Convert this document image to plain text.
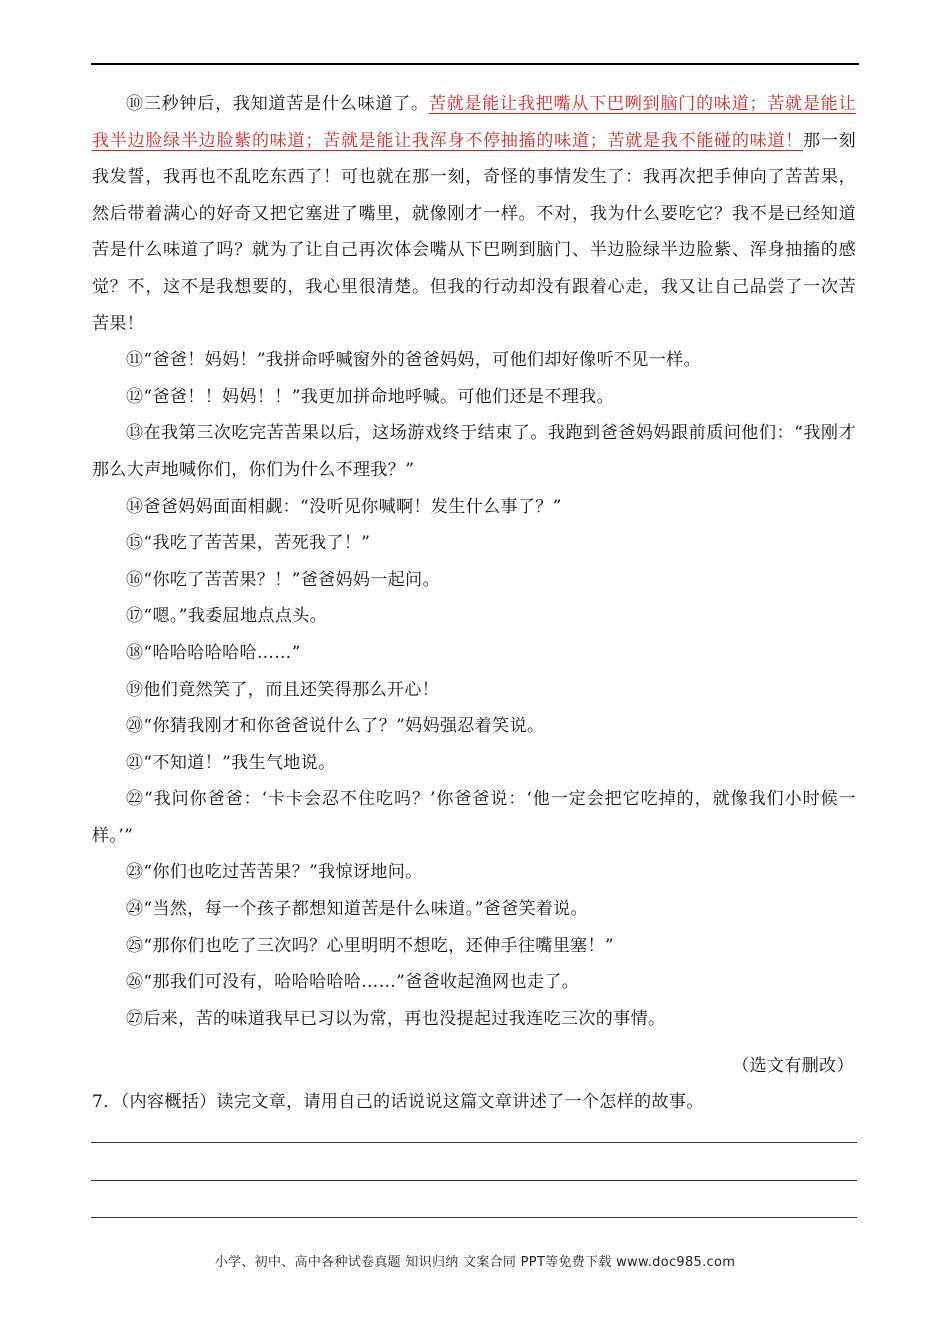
⑩三秒钟后，我知道苦是什么味道了。苦就是能让我把嘴从下巴咧到脑门的味道；苦就是能让我半边脸绿半边脸紫的味道；苦就是能让我浑身不停抽搐的味道；苦就是我不能碰的味道！那一刻我发誓，我再也不乱吃东西了！可也就在那一刻，奇怪的事情发生了：我再次把手伸向了苦苦果，然后带着满心的好奇又把它塞进了嘴里，就像刚才一样。不对，我为什么要吃它？我不是已经知道苦是什么味道了吗？就为了让自己再次体会嘴从下巴咧到脑门、半边脸绿半边脸紫、浑身抽搐的感觉？不，这不是我想要的，我心里很清楚。但我的行动却没有跟着心走，我又让自己品尝了一次苦苦果！

⑪“爸爸！妈妈！”我拼命呼喊窗外的爸爸妈妈，可他们却好像听不见一样。

⑫“爸爸！！妈妈！！”我更加拼命地呼喊。可他们还是不理我。

⑬在我第三次吃完苦苦果以后，这场游戏终于结束了。我跑到爸爸妈妈跟前质问他们：“我刚才那么大声地喊你们，你们为什么不理我？”

⑭爸爸妈妈面面相觑：“没听见你喊啊！发生什么事了？”

⑮“我吃了苦苦果，苦死我了！”

⑯“你吃了苦苦果？！”爸爸妈妈一起问。

⑰“嗯。”我委屈地点点头。

⑱“哈哈哈哈哈哈……”

⑲他们竟然笑了，而且还笑得那么开心！

⑳“你猜我刚才和你爸爸说什么了？”妈妈强忍着笑说。

㉑“不知道！”我生气地说。

㉒“我问你爸爸：‘卡卡会忍不住吃吗？’你爸爸说：‘他一定会把它吃掉的，就像我们小时候一样。’”

㉓“你们也吃过苦苦果？”我惊讶地问。

㉔“当然，每一个孩子都想知道苦是什么味道。”爸爸笑着说。

㉕“那你们也吃了三次吗？心里明明不想吃，还伸手往嘴里塞！”

㉖“那我们可没有，哈哈哈哈哈……”爸爸收起渔网也走了。

㉗后来，苦的味道我早已习以为常，再也没提起过我连吃三次的事情。

（选文有删改）
7．（内容概括）读完文章，请用自己的话说说这篇文章讲述了一个怎样的故事。
小学、初中、高中各种试卷真题 知识归纳 文案合同 PPT等免费下载 www.doc985.com
